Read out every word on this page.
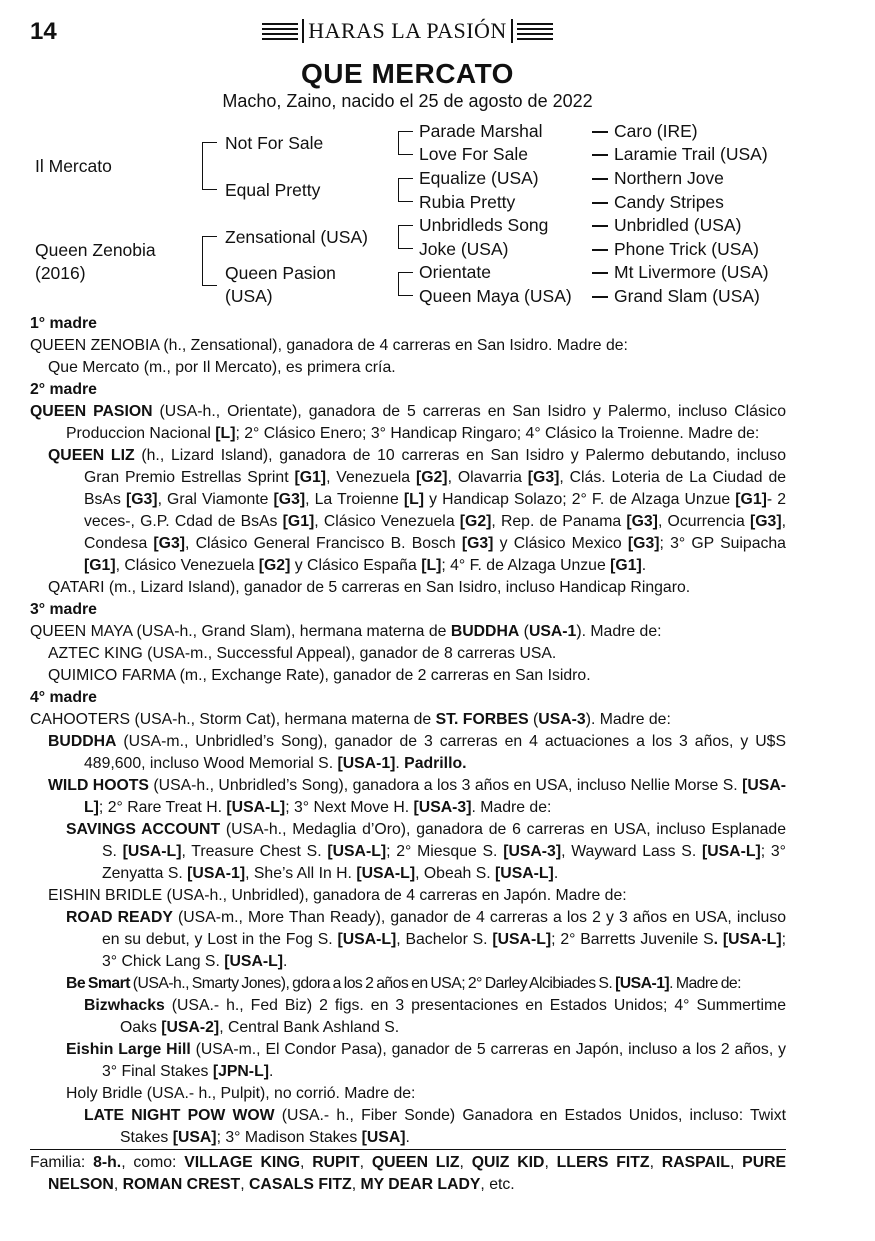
14	HARAS LA PASIÓN
QUE MERCATO
Macho, Zaino, nacido el 25 de agosto de 2022
Il Mercato
Queen Zenobia
(2016)
Not For Sale
Equal Pretty
Zensational (USA)
Queen Pasion
(USA)
Parade Marshal
Love For Sale
Equalize (USA)
Rubia Pretty
Unbridleds Song
Joke (USA)
Orientate
Queen Maya (USA)
Caro (IRE)
Laramie Trail (USA)
Northern Jove
Candy Stripes
Unbridled (USA)
Phone Trick (USA)
Mt Livermore (USA)
Grand Slam (USA)

1° madre

QUEEN ZENOBIA (h., Zensational), ganadora de 4 carreras en San Isidro. Madre de:

Que Mercato (m., por Il Mercato), es primera cría.

2° madre

QUEEN PASION (USA-h., Orientate), ganadora de 5 carreras en San Isidro y Palermo, incluso Clásico Produccion Nacional [L]; 2° Clásico Enero; 3° Handicap Ringaro; 4° Clásico la Troienne. Madre de:

QUEEN LIZ (h., Lizard Island), ganadora de 10 carreras en San Isidro y Palermo debutando, incluso Gran Premio Estrellas Sprint [G1], Venezuela [G2], Olavarria [G3], Clás. Loteria de La Ciudad de BsAs [G3], Gral Viamonte [G3], La Troienne [L] y Handicap Solazo; 2° F. de Alzaga Unzue [G1]- 2 veces-, G.P. Cdad de BsAs [G1], Clásico Venezuela [G2], Rep. de Panama [G3], Ocurrencia [G3], Condesa [G3], Clásico General Francisco B. Bosch [G3] y Clásico Mexico [G3]; 3° GP Suipacha [G1], Clásico Venezuela [G2] y Clásico España [L]; 4° F. de Alzaga Unzue [G1].

QATARI (m., Lizard Island), ganador de 5 carreras en San Isidro, incluso Handicap Ringaro.

3° madre

QUEEN MAYA (USA-h., Grand Slam), hermana materna de BUDDHA (USA-1). Madre de:

AZTEC KING (USA-m., Successful Appeal), ganador de 8 carreras USA.

QUIMICO FARMA (m., Exchange Rate), ganador de 2 carreras en San Isidro.

4° madre

CAHOOTERS (USA-h., Storm Cat), hermana materna de ST. FORBES (USA-3). Madre de:

BUDDHA (USA-m., Unbridled’s Song), ganador de 3 carreras en 4 actuaciones a los 3 años, y U$S 489,600, incluso Wood Memorial S. [USA-1]. Padrillo.

WILD HOOTS (USA-h., Unbridled’s Song), ganadora a los 3 años en USA, incluso Nellie Morse S. [USA-L]; 2° Rare Treat H. [USA-L]; 3° Next Move H. [USA-3]. Madre de:

SAVINGS ACCOUNT (USA-h., Medaglia d’Oro), ganadora de 6 carreras en USA, incluso Esplanade S. [USA-L], Treasure Chest S. [USA-L]; 2° Miesque S. [USA-3], Wayward Lass S. [USA-L]; 3° Zenyatta S. [USA-1], She’s All In H. [USA-L], Obeah S. [USA-L].

EISHIN BRIDLE (USA-h., Unbridled), ganadora de 4 carreras en Japón. Madre de:

ROAD READY (USA-m., More Than Ready), ganador de 4 carreras a los 2 y 3 años en USA, incluso en su debut, y Lost in the Fog S. [USA-L], Bachelor S. [USA-L]; 2° Barretts Juvenile S. [USA-L]; 3° Chick Lang S. [USA-L].

Be Smart (USA-h., Smarty Jones), gdora a los 2 años en USA; 2° Darley Alcibiades S. [USA-1]. Madre de:

Bizwhacks (USA.- h., Fed Biz) 2 figs. en 3 presentaciones en Estados Unidos; 4° Summertime Oaks [USA-2], Central Bank Ashland S.

Eishin Large Hill (USA-m., El Condor Pasa), ganador de 5 carreras en Japón, incluso a los 2 años, y 3° Final Stakes [JPN-L].

Holy Bridle (USA.- h., Pulpit), no corrió. Madre de:

LATE NIGHT POW WOW (USA.- h., Fiber Sonde) Ganadora en Estados Unidos, incluso: Twixt Stakes [USA]; 3° Madison Stakes [USA].

Familia: 8-h., como: VILLAGE KING, RUPIT, QUEEN LIZ, QUIZ KID, LLERS FITZ, RASPAIL, PURE NELSON, ROMAN CREST, CASALS FITZ, MY DEAR LADY, etc.
